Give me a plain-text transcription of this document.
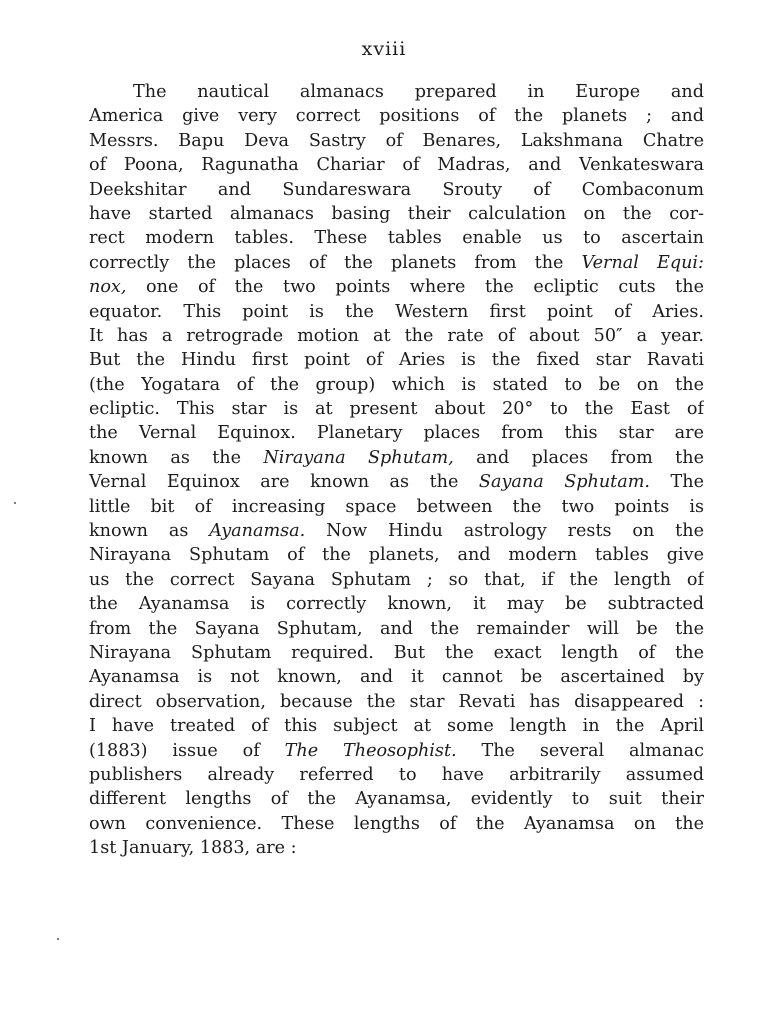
xviii
The nautical almanacs prepared in Europe and
America give very correct positions of the planets ; and
Messrs. Bapu Deva Sastry of Benares, Lakshmana Chatre
of Poona, Ragunatha Chariar of Madras, and Venkateswara
Deekshitar and Sundareswara Srouty of Combaconum
have started almanacs basing their calculation on the cor-
rect modern tables. These tables enable us to ascertain
correctly the places of the planets from the Vernal Equi:
nox, one of the two points where the ecliptic cuts the
equator. This point is the Western first point of Aries.
It has a retrograde motion at the rate of about 50″ a year.
But the Hindu first point of Aries is the fixed star Ravati
(the Yogatara of the group) which is stated to be on the
ecliptic. This star is at present about 20° to the East of
the Vernal Equinox. Planetary places from this star are
known as the Nirayana Sphutam, and places from the
Vernal Equinox are known as the Sayana Sphutam. The
little bit of increasing space between the two points is
known as Ayanamsa. Now Hindu astrology rests on the
Nirayana Sphutam of the planets, and modern tables give
us the correct Sayana Sphutam ; so that, if the length of
the Ayanamsa is correctly known, it may be subtracted
from the Sayana Sphutam, and the remainder will be the
Nirayana Sphutam required. But the exact length of the
Ayanamsa is not known, and it cannot be ascertained by
direct observation, because the star Revati has disappeared :
I have treated of this subject at some length in the April
(1883) issue of The Theosophist. The several almanac
publishers already referred to have arbitrarily assumed
different lengths of the Ayanamsa, evidently to suit their
own convenience. These lengths of the Ayanamsa on the
1st January, 1883, are :
